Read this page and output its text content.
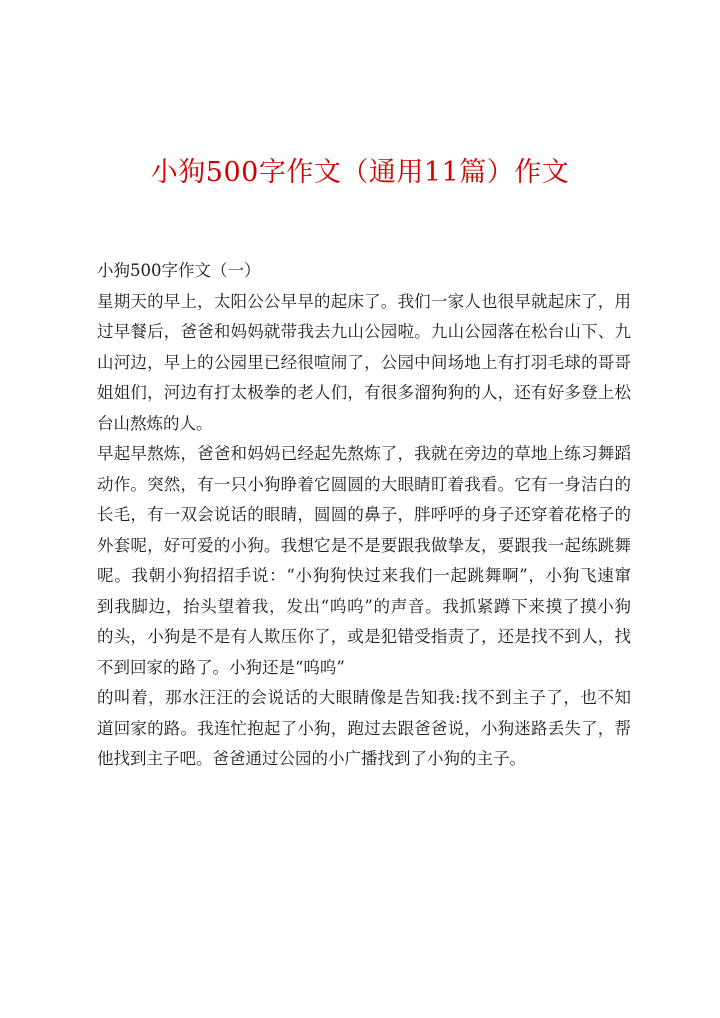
小狗500字作文（通用11篇）作文

小狗500字作文（一）

星期天的早上，太阳公公早早的起床了。我们一家人也很早就起床了，用
过早餐后，爸爸和妈妈就带我去九山公园啦。九山公园落在松台山下、九
山河边，早上的公园里已经很喧闹了，公园中间场地上有打羽毛球的哥哥
姐姐们，河边有打太极拳的老人们，有很多溜狗狗的人，还有好多登上松
台山熬炼的人。

早起早熬炼，爸爸和妈妈已经起先熬炼了，我就在旁边的草地上练习舞蹈
动作。突然，有一只小狗睁着它圆圆的大眼睛盯着我看。它有一身洁白的
长毛，有一双会说话的眼睛，圆圆的鼻子，胖呼呼的身子还穿着花格子的
外套呢，好可爱的小狗。我想它是不是要跟我做挚友，要跟我一起练跳舞
呢。我朝小狗招招手说：“小狗狗快过来我们一起跳舞啊”，小狗飞速窜
到我脚边，抬头望着我，发出“呜呜”的声音。我抓紧蹲下来摸了摸小狗
的头，小狗是不是有人欺压你了，或是犯错受指责了，还是找不到人，找
不到回家的路了。小狗还是“呜呜”

的叫着，那水汪汪的会说话的大眼睛像是告知我:找不到主子了，也不知
道回家的路。我连忙抱起了小狗，跑过去跟爸爸说，小狗迷路丢失了，帮
他找到主子吧。爸爸通过公园的小广播找到了小狗的主子。
